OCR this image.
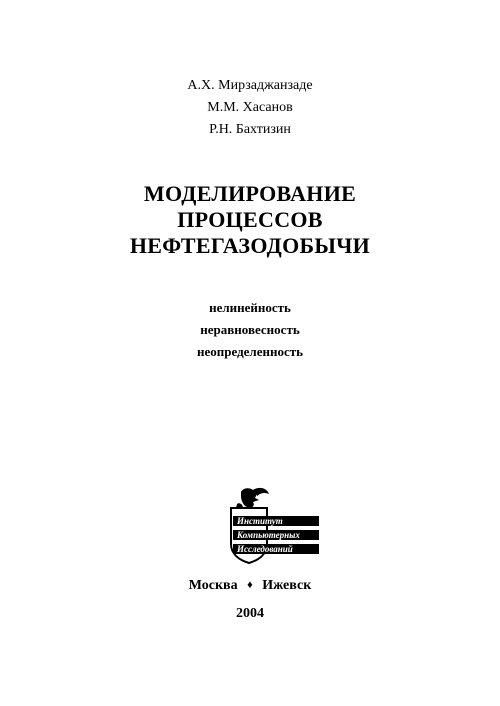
А.Х. Мирзаджанзаде
М.М. Хасанов
Р.Н. Бахтизин
МОДЕЛИРОВАНИЕ
ПРОЦЕССОВ
НЕФТЕГАЗОДОБЫЧИ
нелинейность
неравновесность
неопределенность
Институт
Компьютерных
Исследований
Москва ♦ Ижевск
2004
